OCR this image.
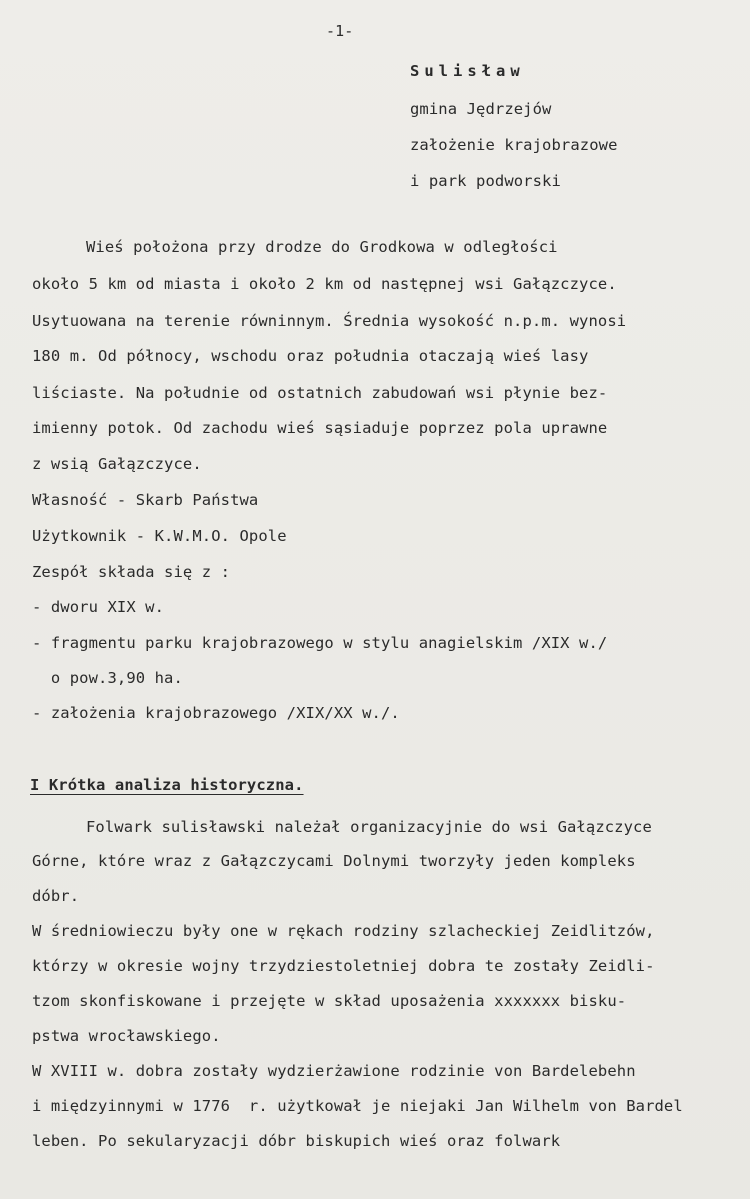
-1-
Sulisław
gmina Jędrzejów
założenie krajobrazowe
i park podworski
Wieś położona przy drodze do Grodkowa w odległości
około 5 km od miasta i około 2 km od następnej wsi Gałązczyce.
Usytuowana na terenie równinnym. Średnia wysokość n.p.m. wynosi
180 m. Od północy, wschodu oraz południa otaczają wieś lasy
liściaste. Na południe od ostatnich zabudowań wsi płynie bez-
imienny potok. Od zachodu wieś sąsiaduje poprzez pola uprawne
z wsią Gałązczyce.
Własność - Skarb Państwa
Użytkownik - K.W.M.O. Opole
Zespół składa się z :
- dworu XIX w.
- fragmentu parku krajobrazowego w stylu anagielskim /XIX w./
o pow.3,90 ha.
- założenia krajobrazowego /XIX/XX w./.
I Krótka analiza historyczna.
Folwark sulisławski należał organizacyjnie do wsi Gałązczyce
Górne, które wraz z Gałązczycami Dolnymi tworzyły jeden kompleks
dóbr.
W średniowieczu były one w rękach rodziny szlacheckiej Zeidlitzów,
którzy w okresie wojny trzydziestoletniej dobra te zostały Zeidli-
tzom skonfiskowane i przejęte w skład uposażenia xxxxxxx bisku-
pstwa wrocławskiego.
W XVIII w. dobra zostały wydzierżawione rodzinie von Bardelebehn
i międzyinnymi w 1776  r. użytkował je niejaki Jan Wilhelm von Bardel
leben. Po sekularyzacji dóbr biskupich wieś oraz folwark
